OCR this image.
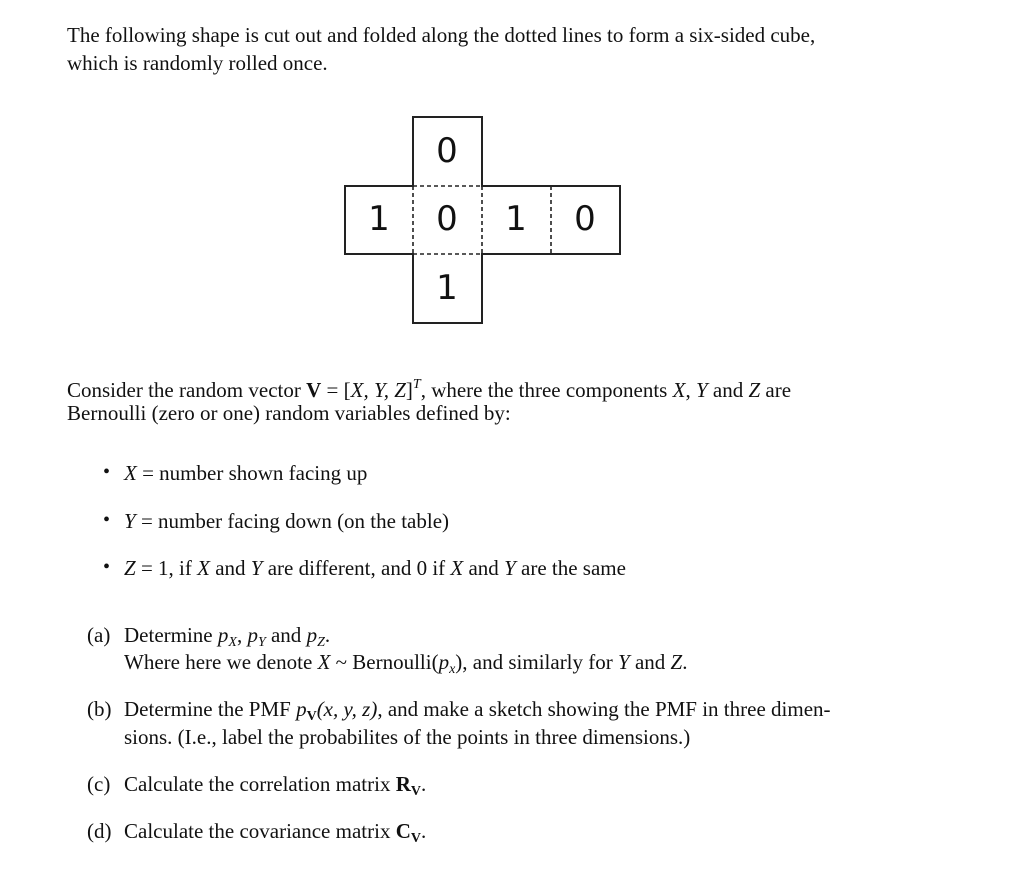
The following shape is cut out and folded along the dotted lines to form a six-sided cube,
which is randomly rolled once.
0
1	0	1	0
1
Consider the random vector V = [X, Y, Z]$^T$, where the three components X, Y and Z are
Bernoulli (zero or one) random variables defined by:
• X = number shown facing up
• Y = number facing down (on the table)
• Z = 1, if X and Y are different, and 0 if X and Y are the same
(a) Determine $p_X$, $p_Y$ and $p_Z$.
Where here we denote X ~ $Bernoulli(p_x)$, and similarly for Y and Z.
(b) Determine the PMF $p_V(x$, y, z), and make a sketch showing the PMF in three dimen-
sions. (I.e., label the probabilites of the points in three dimensions.)
(c) Calculate the correlation matrix $R_V$.
(d) Calculate the covariance matrix $C_V$.
